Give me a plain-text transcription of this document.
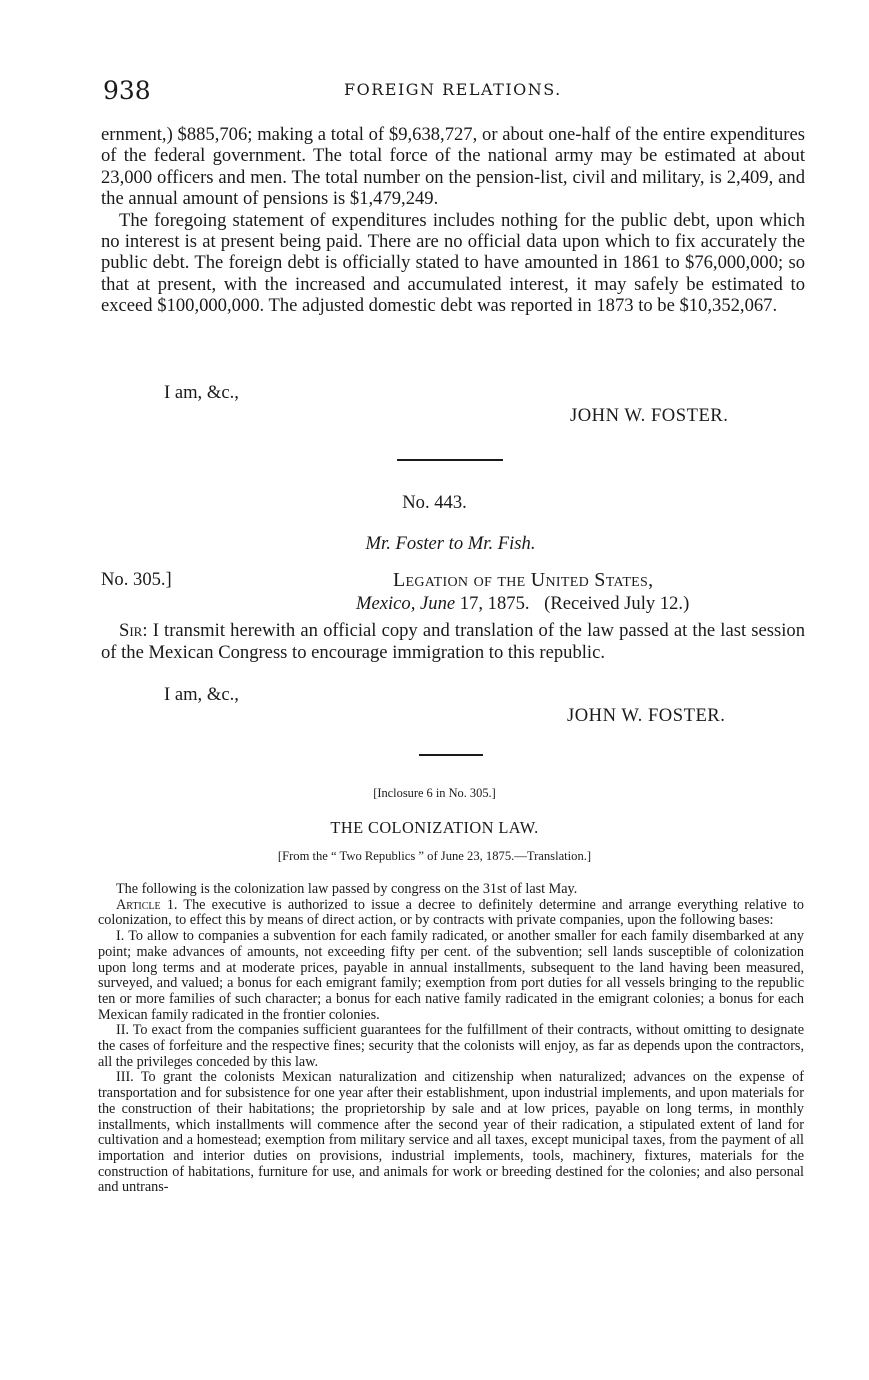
938	FOREIGN RELATIONS.

ernment,) $885,706; making a total of $9,638,727, or about one-half of the entire expenditures of the federal government. The total force of the national army may be estimated at about 23,000 officers and men. The total number on the pension-list, civil and military, is 2,409, and the annual amount of pensions is $1,479,249.

The foregoing statement of expenditures includes nothing for the public debt, upon which no interest is at present being paid. There are no official data upon which to fix accurately the public debt. The foreign debt is officially stated to have amounted in 1861 to $76,000,000; so that at present, with the increased and accumulated interest, it may safely be estimated to exceed $100,000,000. The adjusted domestic debt was reported in 1873 to be $10,352,067.

I am, &c.,
JOHN W. FOSTER.
No. 443.
Mr. Foster to Mr. Fish.
No. 305.]	Legation of the United States,
Mexico, June 17, 1875. (Received July 12.)

Sir: I transmit herewith an official copy and translation of the law passed at the last session of the Mexican Congress to encourage immigration to this republic.

I am, &c.,
JOHN W. FOSTER.
[Inclosure 6 in No. 305.]
THE COLONIZATION LAW.
[From the “ Two Republics ” of June 23, 1875.—Translation.]

The following is the colonization law passed by congress on the 31st of last May.

Article 1. The executive is authorized to issue a decree to definitely determine and arrange everything relative to colonization, to effect this by means of direct action, or by contracts with private companies, upon the following bases:

I. To allow to companies a subvention for each family radicated, or another smaller for each family disembarked at any point; make advances of amounts, not exceeding fifty per cent. of the subvention; sell lands susceptible of colonization upon long terms and at moderate prices, payable in annual installments, subsequent to the land having been measured, surveyed, and valued; a bonus for each emigrant family; exemption from port duties for all vessels bringing to the republic ten or more families of such character; a bonus for each native family radicated in the emigrant colonies; a bonus for each Mexican family radicated in the frontier colonies.

II. To exact from the companies sufficient guarantees for the fulfillment of their contracts, without omitting to designate the cases of forfeiture and the respective fines; security that the colonists will enjoy, as far as depends upon the contractors, all the privileges conceded by this law.

III. To grant the colonists Mexican naturalization and citizenship when naturalized; advances on the expense of transportation and for subsistence for one year after their establishment, upon industrial implements, and upon materials for the construction of their habitations; the proprietorship by sale and at low prices, payable on long terms, in monthly installments, which installments will commence after the second year of their radication, a stipulated extent of land for cultivation and a homestead; exemption from military service and all taxes, except municipal taxes, from the payment of all importation and interior duties on provisions, industrial implements, tools, machinery, fixtures, materials for the construction of habitations, furniture for use, and animals for work or breeding destined for the colonies; and also personal and untrans-
